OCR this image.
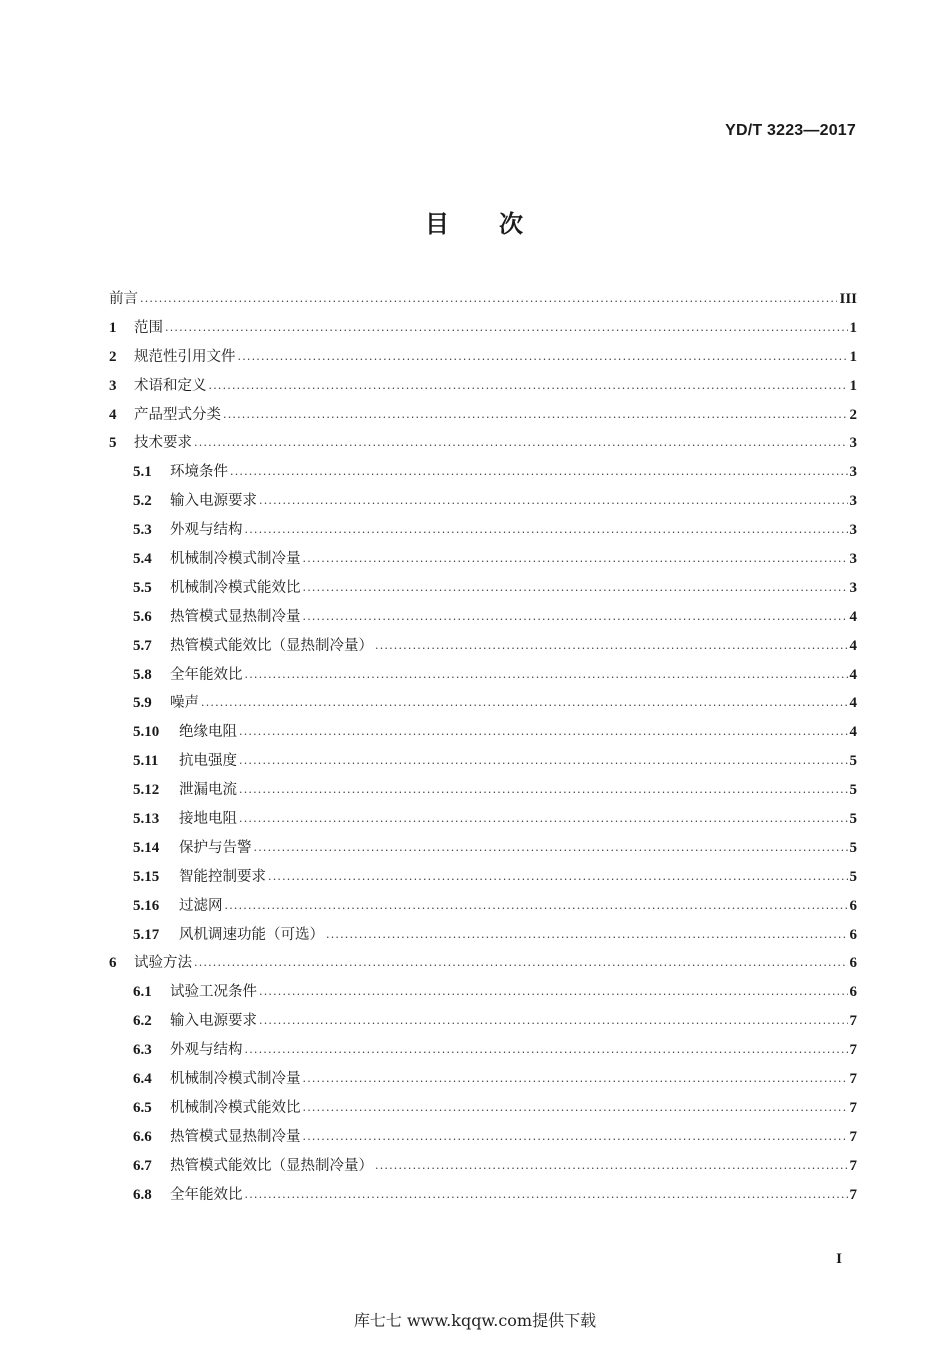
YD/T 3223—2017
目 次
前言 .....	III
1	范围 .....	1
2	规范性引用文件 .....	1
3	术语和定义 .....	1
4	产品型式分类 .....	2
5	技术要求 .....	3
5.1	环境条件 .....	3
5.2	输入电源要求 .....	3
5.3	外观与结构 .....	3
5.4	机械制冷模式制冷量 .....	3
5.5	机械制冷模式能效比 .....	3
5.6	热管模式显热制冷量 .....	4
5.7	热管模式能效比（显热制冷量） .....	4
5.8	全年能效比 .....	4
5.9	噪声 .....	4
5.10	绝缘电阻 .....	4
5.11	抗电强度 .....	5
5.12	泄漏电流 .....	5
5.13	接地电阻 .....	5
5.14	保护与告警 .....	5
5.15	智能控制要求 .....	5
5.16	过滤网 .....	6
5.17	风机调速功能（可选） .....	6
6	试验方法 .....	6
6.1	试验工况条件 .....	6
6.2	输入电源要求 .....	7
6.3	外观与结构 .....	7
6.4	机械制冷模式制冷量 .....	7
6.5	机械制冷模式能效比 .....	7
6.6	热管模式显热制冷量 .....	7
6.7	热管模式能效比（显热制冷量） .....	7
6.8	全年能效比 .....	7
I
库七七 www.kqqw.com提供下载
